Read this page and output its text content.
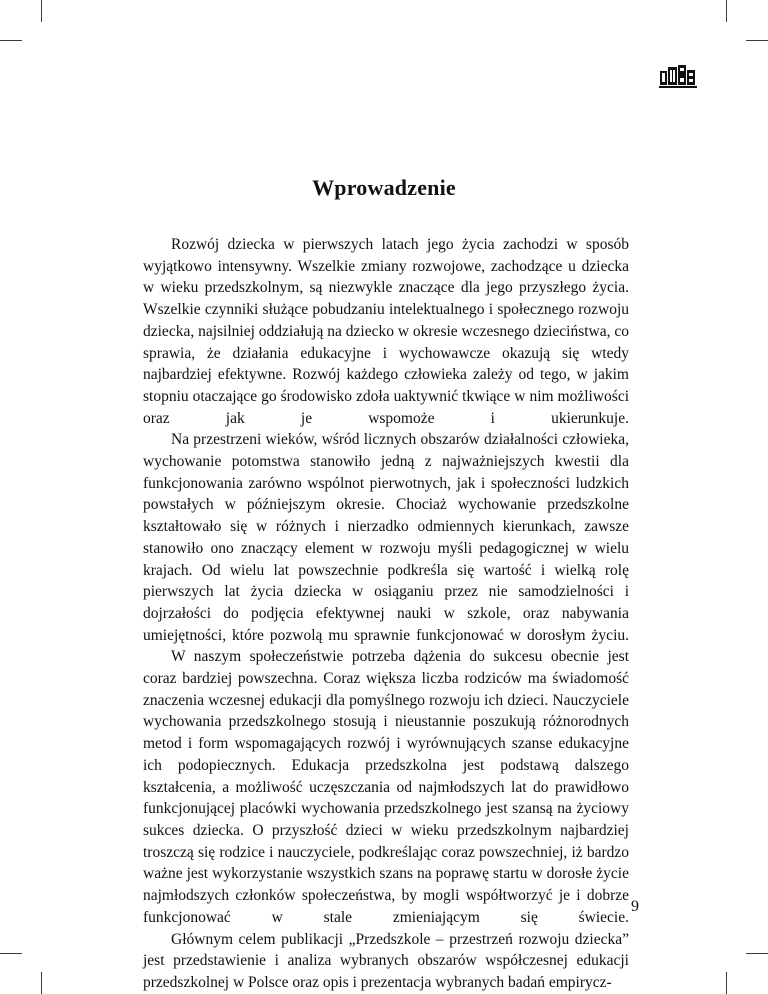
Wprowadzenie

Rozwój dziecka w pierwszych latach jego życia zachodzi w sposób wyjątkowo intensywny. Wszelkie zmiany rozwojowe, zachodzące u dziecka w wieku przedszkolnym, są niezwykle znaczące dla jego przyszłego życia. Wszelkie czynniki służące pobudzaniu intelektualnego i społecznego rozwoju dziecka, najsilniej oddziałują na dziecko w okresie wczesnego dzieciństwa, co sprawia, że działania edukacyjne i wychowawcze okazują się wtedy najbardziej efektywne. Rozwój każdego człowieka zależy od tego, w jakim stopniu otaczające go środowisko zdoła uaktywnić tkwiące w nim możliwości oraz jak je wspomoże i ukierunkuje.

Na przestrzeni wieków, wśród licznych obszarów działalności człowieka, wychowanie potomstwa stanowiło jedną z najważniejszych kwestii dla funkcjonowania zarówno wspólnot pierwotnych, jak i społeczności ludzkich powstałych w późniejszym okresie. Chociaż wychowanie przedszkolne kształtowało się w różnych i nierzadko odmiennych kierunkach, zawsze stanowiło ono znaczący element w rozwoju myśli pedagogicznej w wielu krajach. Od wielu lat powszechnie podkreśla się wartość i wielką rolę pierwszych lat życia dziecka w osiąganiu przez nie samodzielności i dojrzałości do podjęcia efektywnej nauki w szkole, oraz nabywania umiejętności, które pozwolą mu sprawnie funkcjonować w dorosłym życiu.

W naszym społeczeństwie potrzeba dążenia do sukcesu obecnie jest coraz bardziej powszechna. Coraz większa liczba rodziców ma świadomość znaczenia wczesnej edukacji dla pomyślnego rozwoju ich dzieci. Nauczyciele wychowania przedszkolnego stosują i nieustannie poszukują różnorodnych metod i form wspomagających rozwój i wyrównujących szanse edukacyjne ich podopiecznych. Edukacja przedszkolna jest podstawą dalszego kształcenia, a możliwość uczęszczania od najmłodszych lat do prawidłowo funkcjonującej placówki wychowania przedszkolnego jest szansą na życiowy sukces dziecka. O przyszłość dzieci w wieku przedszkolnym najbardziej troszczą się rodzice i nauczyciele, podkreślając coraz powszechniej, iż bardzo ważne jest wykorzystanie wszystkich szans na poprawę startu w dorosłe życie najmłodszych członków społeczeństwa, by mogli współtworzyć je i dobrze funkcjonować w stale zmieniającym się świecie.

Głównym celem publikacji „Przedszkole – przestrzeń rozwoju dziecka” jest przedstawienie i analiza wybranych obszarów współczesnej edukacji przedszkolnej w Polsce oraz opis i prezentacja wybranych badań empirycz-

9
